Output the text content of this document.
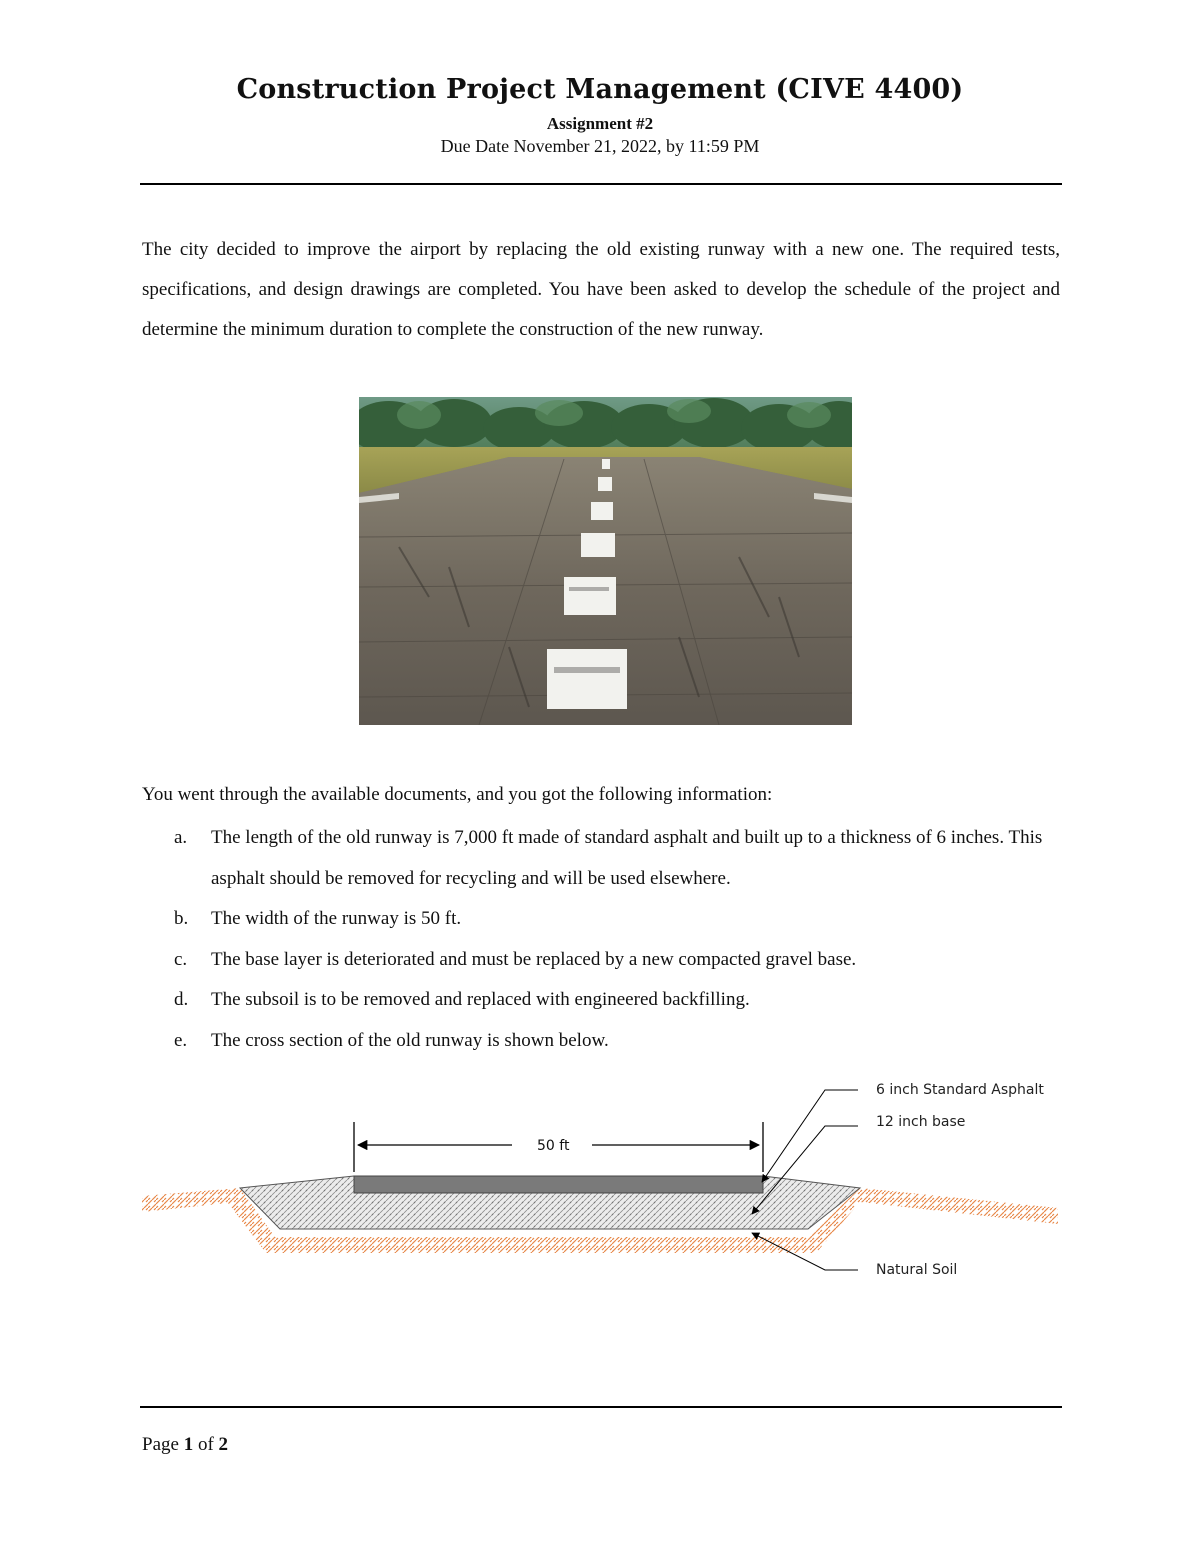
Construction Project Management (CIVE 4400)
Assignment #2
Due Date November 21, 2022, by 11:59 PM

The city decided to improve the airport by replacing the old existing runway with a new one. The required tests, specifications, and design drawings are completed. You have been asked to develop the schedule of the project and determine the minimum duration to complete the construction of the new runway.

You went through the available documents, and you got the following information:
a. The length of the old runway is 7,000 ft made of standard asphalt and built up to a thickness of 6 inches. This asphalt should be removed for recycling and will be used elsewhere.
b. The width of the runway is 50 ft.
c. The base layer is deteriorated and must be replaced by a new compacted gravel base.
d. The subsoil is to be removed and replaced with engineered backfilling.
e. The cross section of the old runway is shown below.
50 ft
6 inch Standard Asphalt
12 inch base
Natural Soil
Page 1 of 2
